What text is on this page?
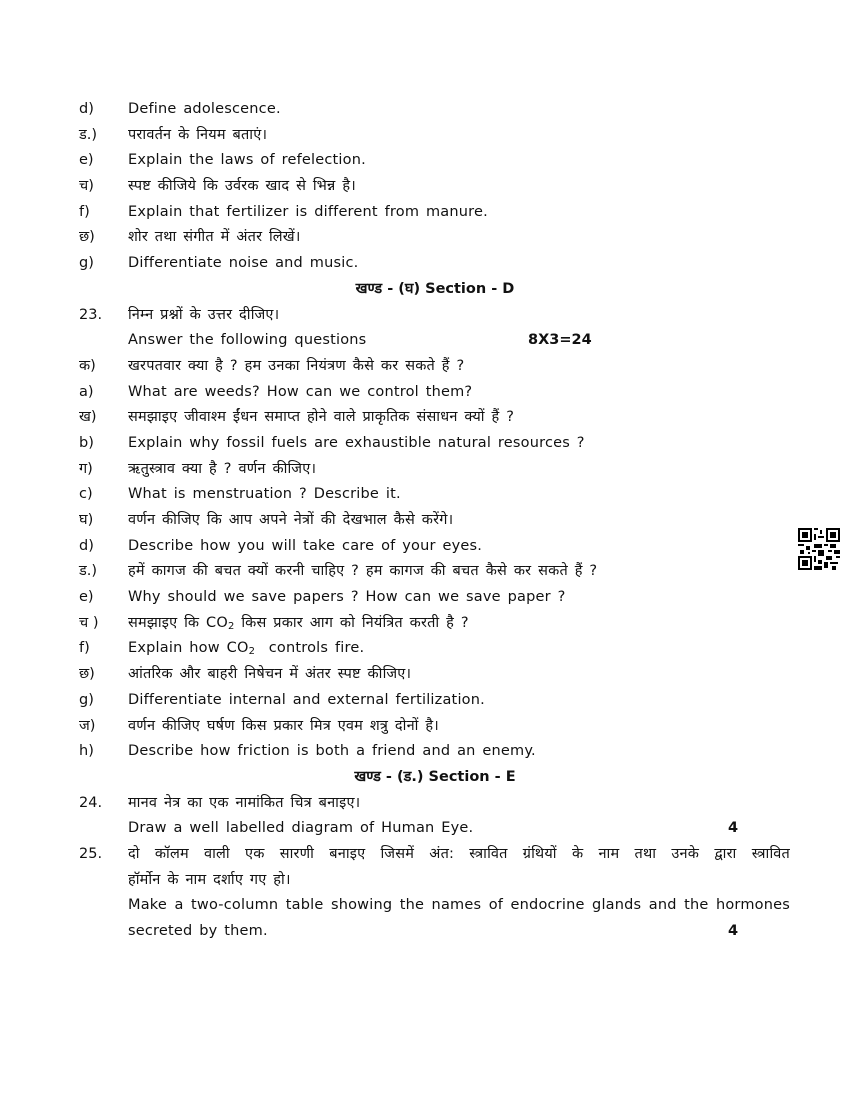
d) Define adolescence.
ड.) परावर्तन के नियम बताएं।
e) Explain the laws of refelection.
च) स्पष्ट कीजिये कि उर्वरक खाद से भिन्न है।
f)	Explain that fertilizer is different from manure.
छ) शोर तथा संगीत में अंतर लिखें।
g) Differentiate noise and music.
खण्ड - (घ) Section - D
23. निम्न प्रश्नों के उत्तर दीजिए।
Answer the following questions	8X3=24
क) खरपतवार क्या है ? हम उनका नियंत्रण कैसे कर सकते हैं ?
a) What are weeds? How can we control them?
ख) समझाइए जीवाश्म ईंधन समाप्त होने वाले प्राकृतिक संसाधन क्यों हैं ?
b) Explain why fossil fuels are exhaustible natural resources ?
ग) ऋतुस्त्राव क्या है ? वर्णन कीजिए।
c) What is menstruation ? Describe it.
घ) वर्णन कीजिए कि आप अपने नेत्रों की देखभाल कैसे करेंगे।
d) Describe how you will take care of your eyes.
ड.) हमें कागज की बचत क्यों करनी चाहिए ? हम कागज की बचत कैसे कर सकते हैं ?
e) Why should we save papers ? How can we save paper ?
च ) समझाइए कि $CO_2$ किस प्रकार आग को नियंत्रित करती है ?
f)	Explain how $CO_2$  controls fire.
छ) आंतरिक और बाहरी निषेचन में अंतर स्पष्ट कीजिए।
g) Differentiate internal and external fertilization.
ज) वर्णन कीजिए घर्षण किस प्रकार मित्र एवम शत्रु दोनों है।
h) Describe how friction is both a friend and an enemy.
खण्ड - (ड.) Section - E
24. मानव नेत्र का एक नामांकित चित्र बनाइए।
Draw a well labelled diagram of Human Eye.	4
25. दो कॉलम वाली एक सारणी बनाइए जिसमें अंत: स्त्रावित ग्रंथियों के नाम तथा उनके द्वारा स्त्रावित
हॉर्मोन के नाम दर्शाए गए हो।
Make a two-column table showing the names of endocrine glands and the hormones
secreted by them.	4
